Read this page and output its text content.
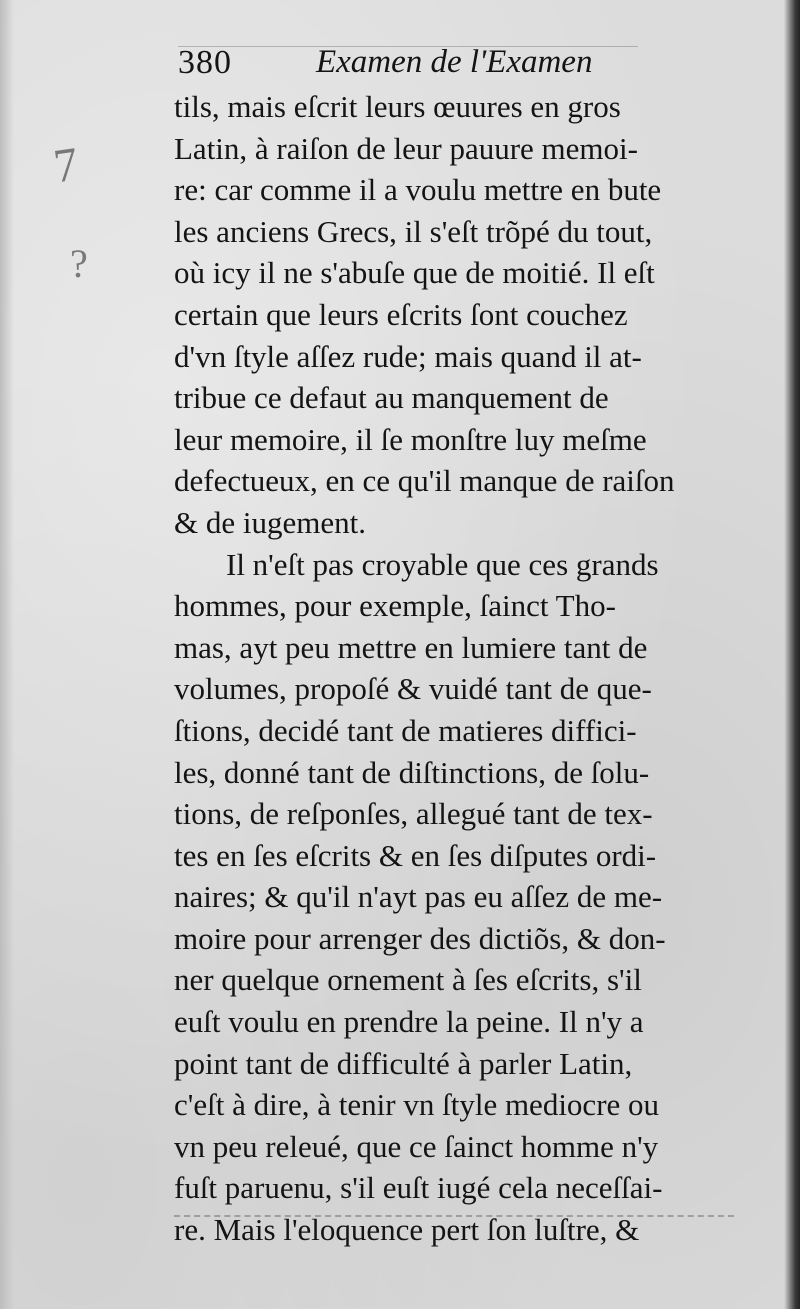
7
?
380	Examen de l'Examen
tils, mais eſcrit leurs œuures en gros
Latin, à raiſon de leur pauure memoi-
re: car comme il a voulu mettre en bute
les anciens Grecs, il s'eſt trõpé du tout,
où icy il ne s'abuſe que de moitié. Il eſt
certain que leurs eſcrits ſont couchez
d'vn ſtyle aſſez rude; mais quand il at-
tribue ce defaut au manquement de
leur memoire, il ſe monſtre luy meſme
defectueux, en ce qu'il manque de raiſon
& de iugement.
Il n'eſt pas croyable que ces grands
hommes, pour exemple, ſainct Tho-
mas, ayt peu mettre en lumiere tant de
volumes, propoſé & vuidé tant de que-
ſtions, decidé tant de matieres diffici-
les, donné tant de diſtinctions, de ſolu-
tions, de reſponſes, allegué tant de tex-
tes en ſes eſcrits & en ſes diſputes ordi-
naires; & qu'il n'ayt pas eu aſſez de me-
moire pour arrenger des dictiõs, & don-
ner quelque ornement à ſes eſcrits, s'il
euſt voulu en prendre la peine. Il n'y a
point tant de difficulté à parler Latin,
c'eſt à dire, à tenir vn ſtyle mediocre ou
vn peu releué, que ce ſainct homme n'y
fuſt paruenu, s'il euſt iugé cela neceſſai-
re. Mais l'eloquence pert ſon luſtre, &
